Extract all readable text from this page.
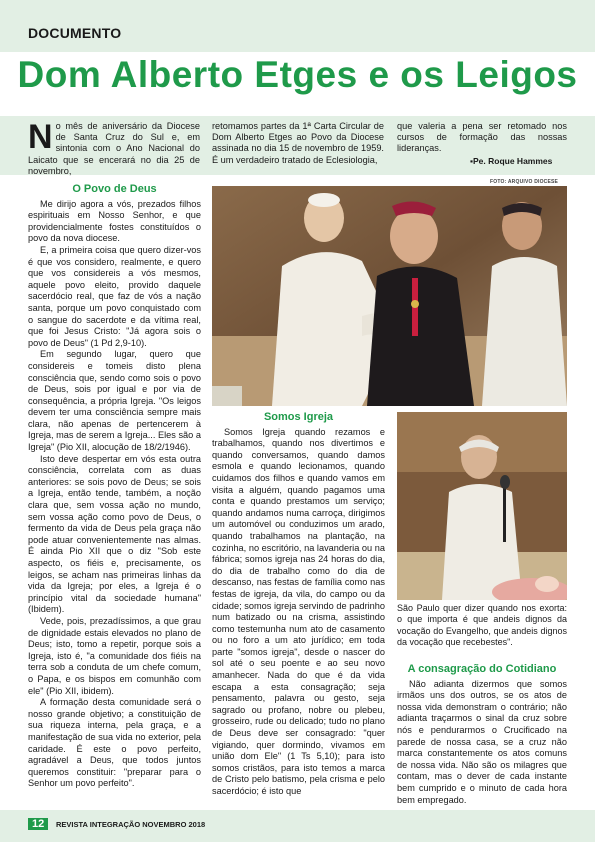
DOCUMENTO
Dom Alberto Etges e os Leigos
No mês de aniversário da Diocese de Santa Cruz do Sul e, em sintonia com o Ano Nacional do Laicato que se encerará no dia 25 de novembro,
retomamos partes da 1ª Carta Circular de Dom Alberto Etges ao Povo da Diocese assinada no dia 15 de novembro de 1959. É um verdadeiro tratado de Eclesiologia,
que valeria a pena ser retomado nos cursos de formação das nossas lideranças.
▪Pe. Roque Hammes
FOTO: ARQUIVO DIOCESE
O Povo de Deus

Me dirijo agora a vós, prezados filhos espirituais em Nosso Senhor, e que providencialmente fostes constituídos o povo da nova diocese.

E, a primeira coisa que quero dizer-vos é que vos considero, realmente, e quero que vos considereis a vós mesmos, aquele povo eleito, provido daquele sacerdócio real, que faz de vós a nação santa, porque um povo conquistado com o sangue do sacerdote e da vítima real, que foi Jesus Cristo: "Já agora sois o povo de Deus" (1 Pd 2,9-10).

Em segundo lugar, quero que considereis e tomeis disto plena consciência que, sendo como sois o povo de Deus, sois por igual e por via de consequência, a própria Igreja. "Os leigos devem ter uma consciência sempre mais clara, não apenas de pertencerem à Igreja, mas de serem a Igreja... Eles são a Igreja" (Pio XII, alocução de 18/2/1946).

Isto deve despertar em vós esta outra consciência, correlata com as duas anteriores: se sois povo de Deus; se sois a Igreja, então tende, também, a noção clara que, sem vossa ação no mundo, sem vossa ação como povo de Deus, o fermento da vida de Deus pela graça não pode atuar convenientemente nas almas. É ainda Pio XII que o diz "Sob este aspecto, os fiéis e, precisamente, os leigos, se acham nas primeiras linhas da vida da Igreja; por eles, a Igreja é o princípio vital da sociedade humana" (Ibidem).

Vede, pois, prezadíssimos, a que grau de dignidade estais elevados no plano de Deus; isto, tomo a repetir, porque sois a Igreja, isto é, "a comunidade dos fiéis na terra sob a conduta de um chefe comum, o Papa, e os bispos em comunhão com ele" (Pio XII, ibidem).

A formação desta comunidade será o nosso grande objetivo; a constituição de sua riqueza interna, pela graça, e a manifestação de sua vida no exterior, pela caridade. É este o povo perfeito, agradável a Deus, que todos juntos queremos constituir: "preparar para o Senhor um povo perfeito".

Somos Igreja

Somos Igreja quando rezamos e trabalhamos, quando nos divertimos e quando conversamos, quando damos esmola e quando lecionamos, quando cuidamos dos filhos e quando vamos em visita a alguém, quando pagamos uma conta e quando prestamos um serviço; quando andamos numa carroça, dirigimos um automóvel ou conduzimos um arado, quando trabalhamos na plantação, na cozinha, no escritório, na lavanderia ou na fábrica; somos igreja nas 24 horas do dia, do dia de trabalho como do dia de descanso, nas festas de família como nas festas de igreja, da vila, do campo ou da cidade; somos igreja servindo de padrinho num batizado ou na crisma, assistindo como testemunha num ato de casamento ou no foro a um ato jurídico; em toda parte "somos igreja", desde o nascer do sol até o seu poente e ao seu novo amanhecer. Nada do que é da vida escapa a esta consagração; seja pensamento, palavra ou gesto, seja sagrado ou profano, nobre ou plebeu, grosseiro, rude ou delicado; tudo no plano de Deus deve ser consagrado: "quer vigiando, quer dormindo, vivamos em união dom Ele" (1 Ts 5,10); para isto somos cristãos, para isto temos a marca de Cristo pelo batismo, pela crisma e pelo sacerdócio; é isto que

São Paulo quer dizer quando nos exorta: o que importa é que andeis dignos da vocação do Evangelho, que andeis dignos da vocação que recebestes".
A consagração do Cotidiano

Não adianta dizermos que somos irmãos uns dos outros, se os atos de nossa vida demonstram o contrário; não adianta traçarmos o sinal da cruz sobre nós e pendurarmos o Crucificado na parede de nossa casa, se a cruz não marca constantemente os atos comuns de nossa vida. Não são os milagres que contam, mas o dever de cada instante bem cumprido e o minuto de cada hora bem empregado.

12	REVISTA INTEGRAÇÃO NOVEMBRO 2018
